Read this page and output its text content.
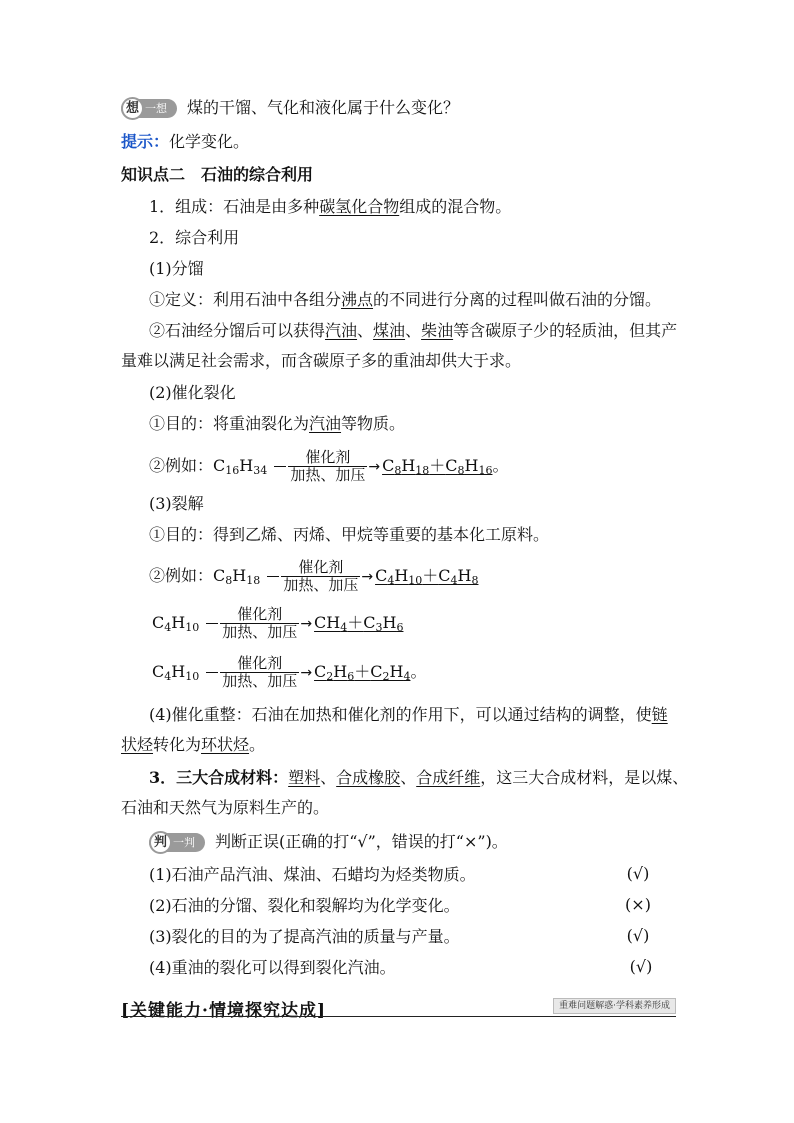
想 一想 煤的干馏、气化和液化属于什么变化？
提示：化学变化。
知识点二　石油的综合利用
1．组成：石油是由多种碳氢化合物组成的混合物。
2．综合利用
(1)分馏
①定义：利用石油中各组分沸点的不同进行分离的过程叫做石油的分馏。
②石油经分馏后可以获得汽油、煤油、柴油等含碳原子少的轻质油，但其产
量难以满足社会需求，而含碳原子多的重油却供大于求。
(2)催化裂化
①目的：将重油裂化为汽油等物质。
②例如：$C_{16}H_{34}$
催化剂
加热、加压 → $C_8H_{18}+C_8H_{16}$。
(3)裂解
①目的：得到乙烯、丙烯、甲烷等重要的基本化工原料。
②例如：$C_8H_{18}$
催化剂
加热、加压 → $C_4H_{10}+C_4H_8$
$C_4H_{10}$
催化剂
加热、加压 → $CH_4+C_3H_6$
$C_4H_{10}$
催化剂
加热、加压 → $C_2H_6+C_2H_4$。
(4)催化重整：石油在加热和催化剂的作用下，可以通过结构的调整，使链
状烃转化为环状烃。
3．三大合成材料：塑料、合成橡胶、合成纤维，这三大合成材料，是以煤、
石油和天然气为原料生产的。
判 一判 判断正误(正确的打“√”，错误的打“×”)。
(1)石油产品汽油、煤油、石蜡均为烃类物质。	(√)
(2)石油的分馏、裂化和裂解均为化学变化。	(×)
(3)裂化的目的为了提高汽油的质量与产量。	(√)
(4)重油的裂化可以得到裂化汽油。	(√)
[关键能力·情境探究达成]	重难问题解惑·学科素养形成
